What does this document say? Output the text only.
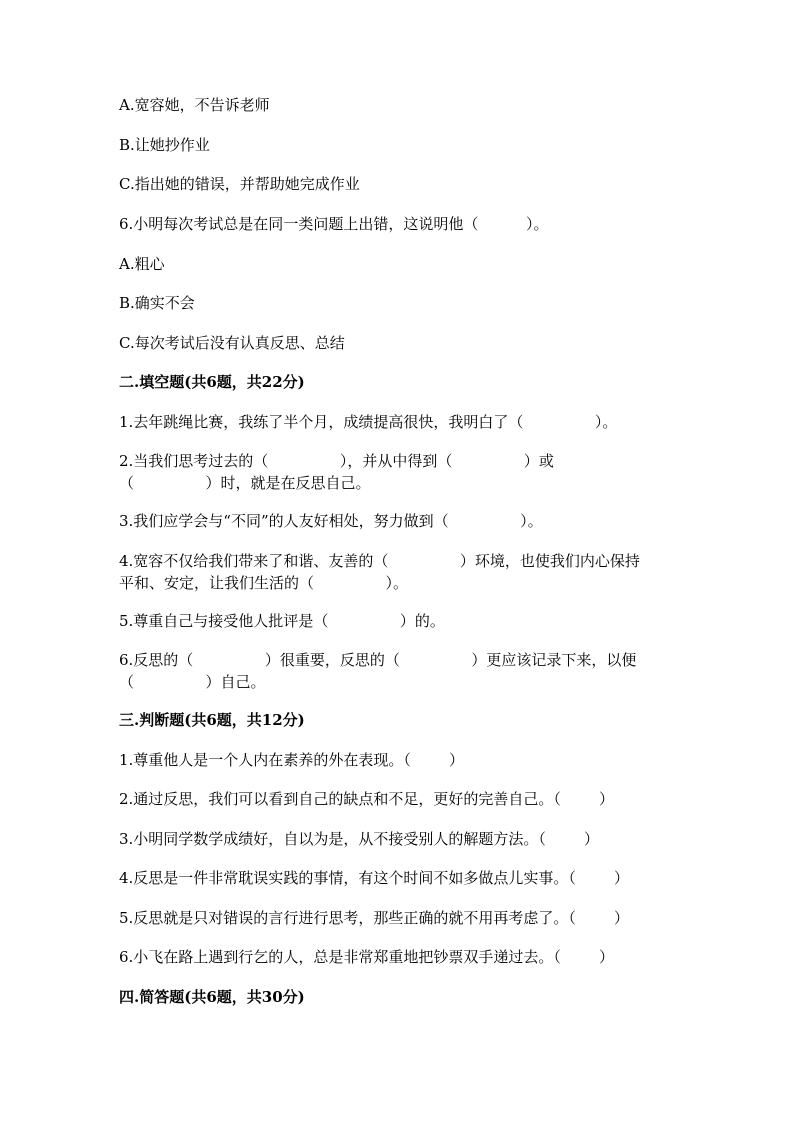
A.宽容她，不告诉老师

B.让她抄作业

C.指出她的错误，并帮助她完成作业

6.小明每次考试总是在同一类问题上出错，这说明他（          ）。

A.粗心

B.确实不会

C.每次考试后没有认真反思、总结

二.填空题(共6题，共22分)

1.去年跳绳比赛，我练了半个月，成绩提高很快，我明白了（               ）。

2.当我们思考过去的（               ），并从中得到（               ）或

（               ）时，就是在反思自己。

3.我们应学会与“不同”的人友好相处，努力做到（               ）。

4.宽容不仅给我们带来了和谐、友善的（               ）环境，也使我们内心保持

平和、安定，让我们生活的（               ）。

5.尊重自己与接受他人批评是（               ）的。

6.反思的（               ）很重要，反思的（               ）更应该记录下来，以便

（               ）自己。

三.判断题(共6题，共12分)

1.尊重他人是一个人内在素养的外在表现。（        ）

2.通过反思，我们可以看到自己的缺点和不足，更好的完善自己。（        ）

3.小明同学数学成绩好，自以为是，从不接受别人的解题方法。（        ）

4.反思是一件非常耽误实践的事情，有这个时间不如多做点儿实事。（        ）

5.反思就是只对错误的言行进行思考，那些正确的就不用再考虑了。（        ）

6.小飞在路上遇到行乞的人，总是非常郑重地把钞票双手递过去。（        ）

四.简答题(共6题，共30分)
